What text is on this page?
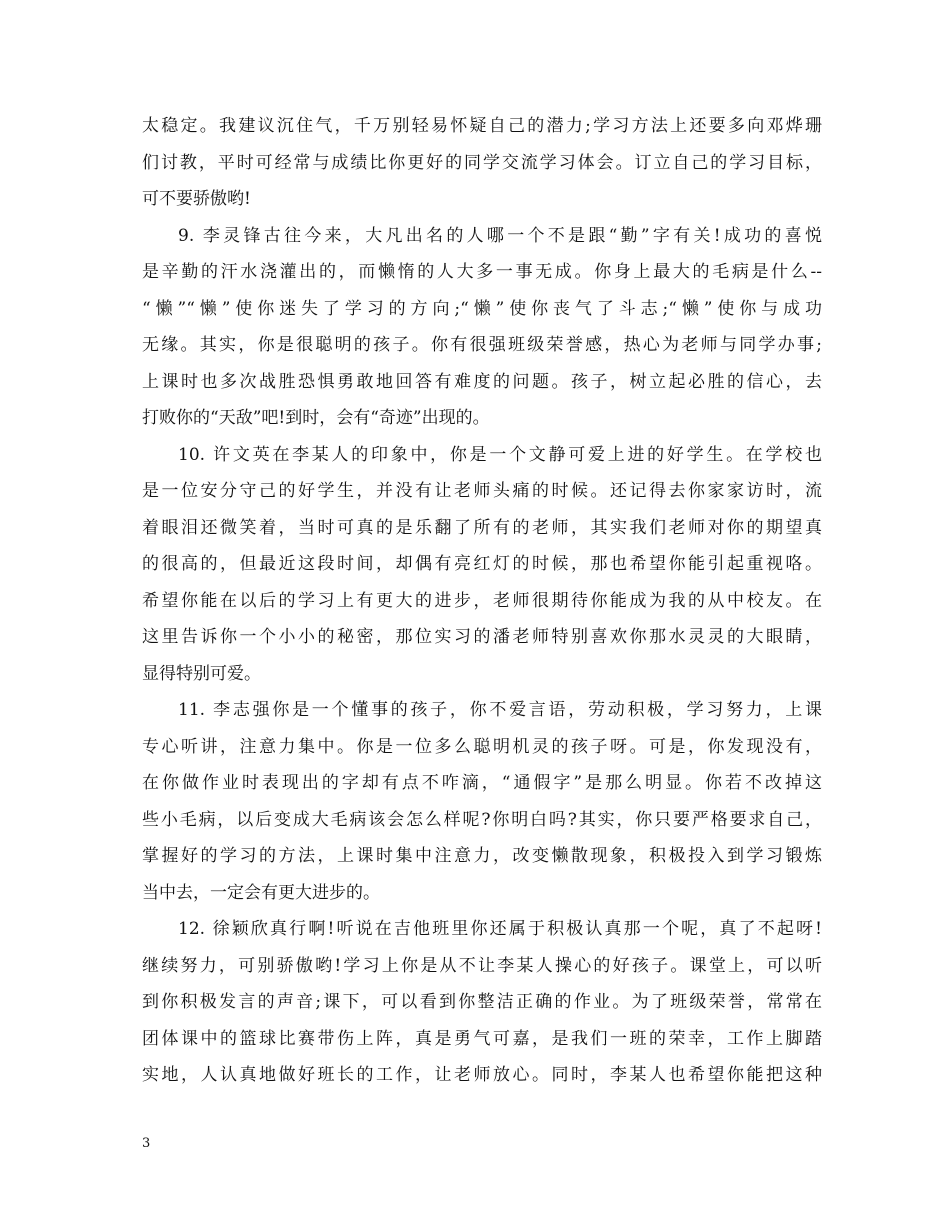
太稳定。我建议沉住气，千万别轻易怀疑自己的潜力;学习方法上还要多向邓烨珊
们讨教，平时可经常与成绩比你更好的同学交流学习体会。订立自己的学习目标，
可不要骄傲哟!
9. 李灵锋古往今来，大凡出名的人哪一个不是跟“勤”字有关!成功的喜悦
是辛勤的汗水浇灌出的，而懒惰的人大多一事无成。你身上最大的毛病是什么--
“懒”“懒”使你迷失了学习的方向;“懒”使你丧气了斗志;“懒”使你与成功
无缘。其实，你是很聪明的孩子。你有很强班级荣誉感，热心为老师与同学办事;
上课时也多次战胜恐惧勇敢地回答有难度的问题。孩子，树立起必胜的信心，去
打败你的“天敌”吧!到时，会有“奇迹”出现的。
10. 许文英在李某人的印象中，你是一个文静可爱上进的好学生。在学校也
是一位安分守己的好学生，并没有让老师头痛的时候。还记得去你家家访时，流
着眼泪还微笑着，当时可真的是乐翻了所有的老师，其实我们老师对你的期望真
的很高的，但最近这段时间，却偶有亮红灯的时候，那也希望你能引起重视咯。
希望你能在以后的学习上有更大的进步，老师很期待你能成为我的从中校友。在
这里告诉你一个小小的秘密，那位实习的潘老师特别喜欢你那水灵灵的大眼睛，
显得特别可爱。
11. 李志强你是一个懂事的孩子，你不爱言语，劳动积极，学习努力，上课
专心听讲，注意力集中。你是一位多么聪明机灵的孩子呀。可是，你发现没有，
在你做作业时表现出的字却有点不咋滴，“通假字”是那么明显。你若不改掉这
些小毛病，以后变成大毛病该会怎么样呢?你明白吗?其实，你只要严格要求自己，
掌握好的学习的方法，上课时集中注意力，改变懒散现象，积极投入到学习锻炼
当中去，一定会有更大进步的。
12. 徐颖欣真行啊!听说在吉他班里你还属于积极认真那一个呢，真了不起呀!
继续努力，可别骄傲哟!学习上你是从不让李某人操心的好孩子。课堂上，可以听
到你积极发言的声音;课下，可以看到你整洁正确的作业。为了班级荣誉，常常在
团体课中的篮球比赛带伤上阵，真是勇气可嘉，是我们一班的荣幸，工作上脚踏
实地，人认真地做好班长的工作，让老师放心。同时，李某人也希望你能把这种
3
